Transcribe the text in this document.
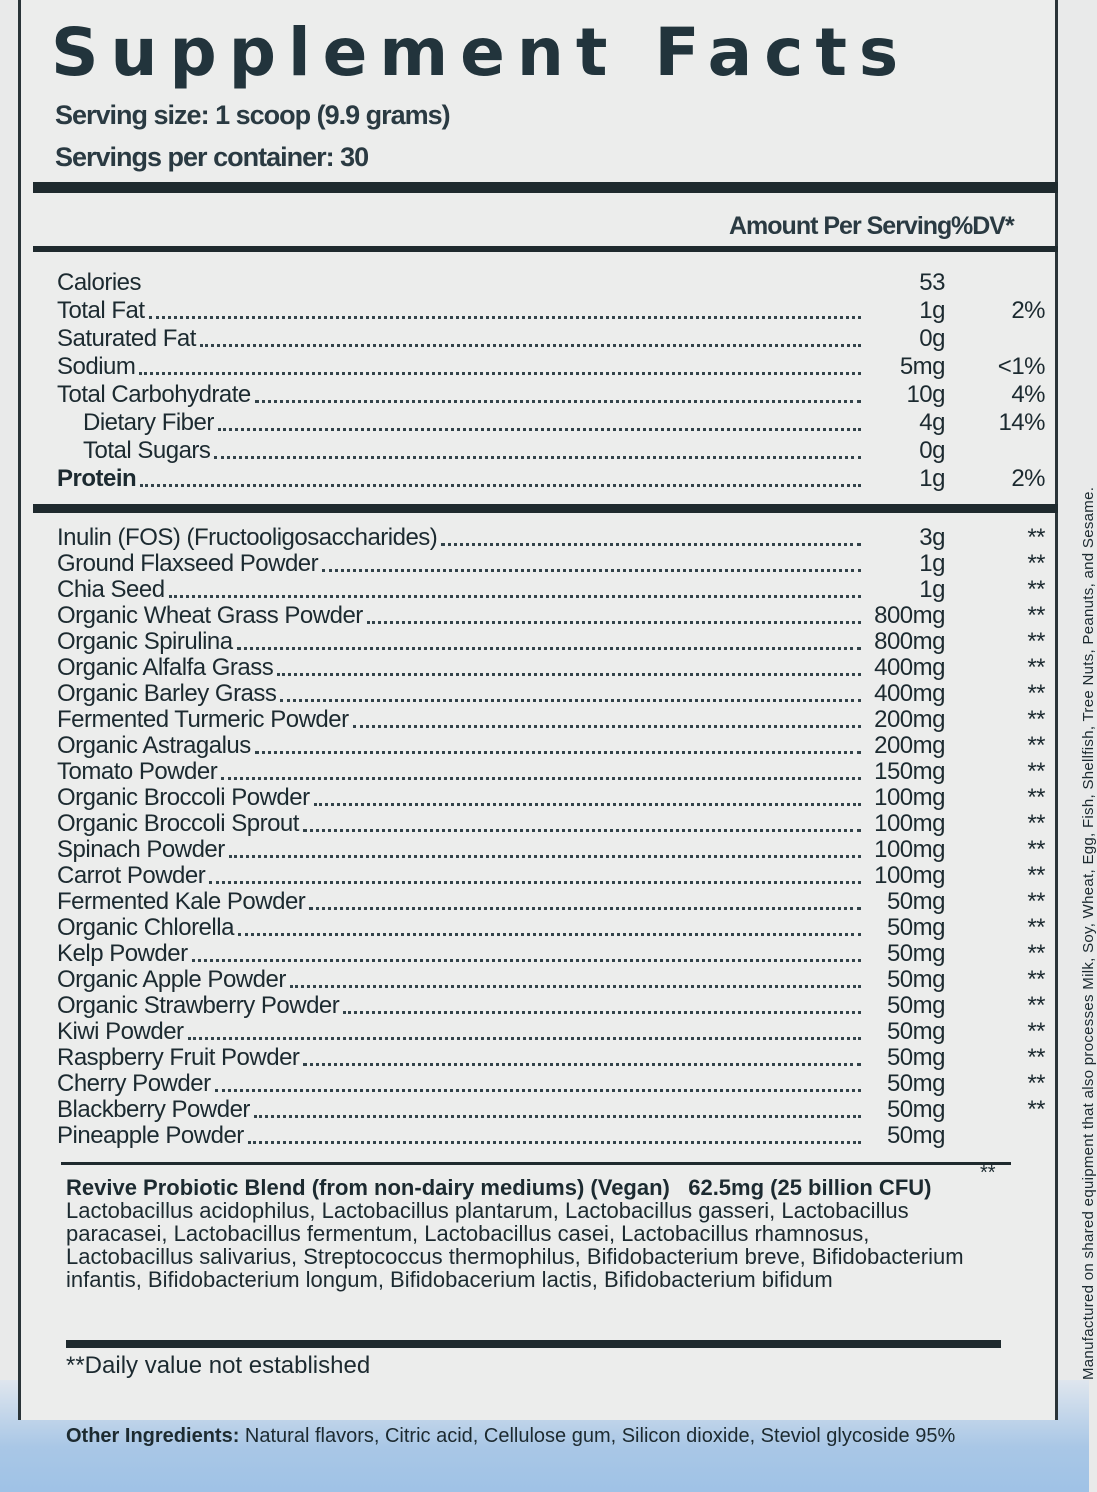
Supplement Facts
Serving size: 1 scoop (9.9 grams)
Servings per container: 30
Amount Per Serving %DV*
Calories	53
Total Fat	1g	2%
Saturated Fat	0g
Sodium	5mg	<1%
Total Carbohydrate	10g	4%
Dietary Fiber	4g	14%
Total Sugars	0g
Protein	1g	2%
Inulin (FOS) (Fructooligosaccharides)	3g	**
Ground Flaxseed Powder	1g	**
Chia Seed	1g	**
Organic Wheat Grass Powder	800mg	**
Organic Spirulina	800mg	**
Organic Alfalfa Grass	400mg	**
Organic Barley Grass	400mg	**
Fermented Turmeric Powder	200mg	**
Organic Astragalus	200mg	**
Tomato Powder	150mg	**
Organic Broccoli Powder	100mg	**
Organic Broccoli Sprout	100mg	**
Spinach Powder	100mg	**
Carrot Powder	100mg	**
Fermented Kale Powder	50mg	**
Organic Chlorella	50mg	**
Kelp Powder	50mg	**
Organic Apple Powder	50mg	**
Organic Strawberry Powder	50mg	**
Kiwi Powder	50mg	**
Raspberry Fruit Powder	50mg	**
Cherry Powder	50mg	**
Blackberry Powder	50mg	**
Pineapple Powder	50mg
**
Revive Probiotic Blend (from non-dairy mediums) (Vegan) 62.5mg (25 billion CFU)
Lactobacillus acidophilus, Lactobacillus plantarum, Lactobacillus gasseri, Lactobacillus paracasei, Lactobacillus fermentum, Lactobacillus casei, Lactobacillus rhamnosus, Lactobacillus salivarius, Streptococcus thermophilus, Bifidobacterium breve, Bifidobacterium infantis, Bifidobacterium longum, Bifidobacerium lactis, Bifidobacterium bifidum
**Daily value not established
Other Ingredients: Natural flavors, Citric acid, Cellulose gum, Silicon dioxide, Steviol glycoside 95%
Manufactured on shared equipment that also processes Milk, Soy, Wheat, Egg, Fish, Shellfish, Tree Nuts, Peanuts, and Sesame.
